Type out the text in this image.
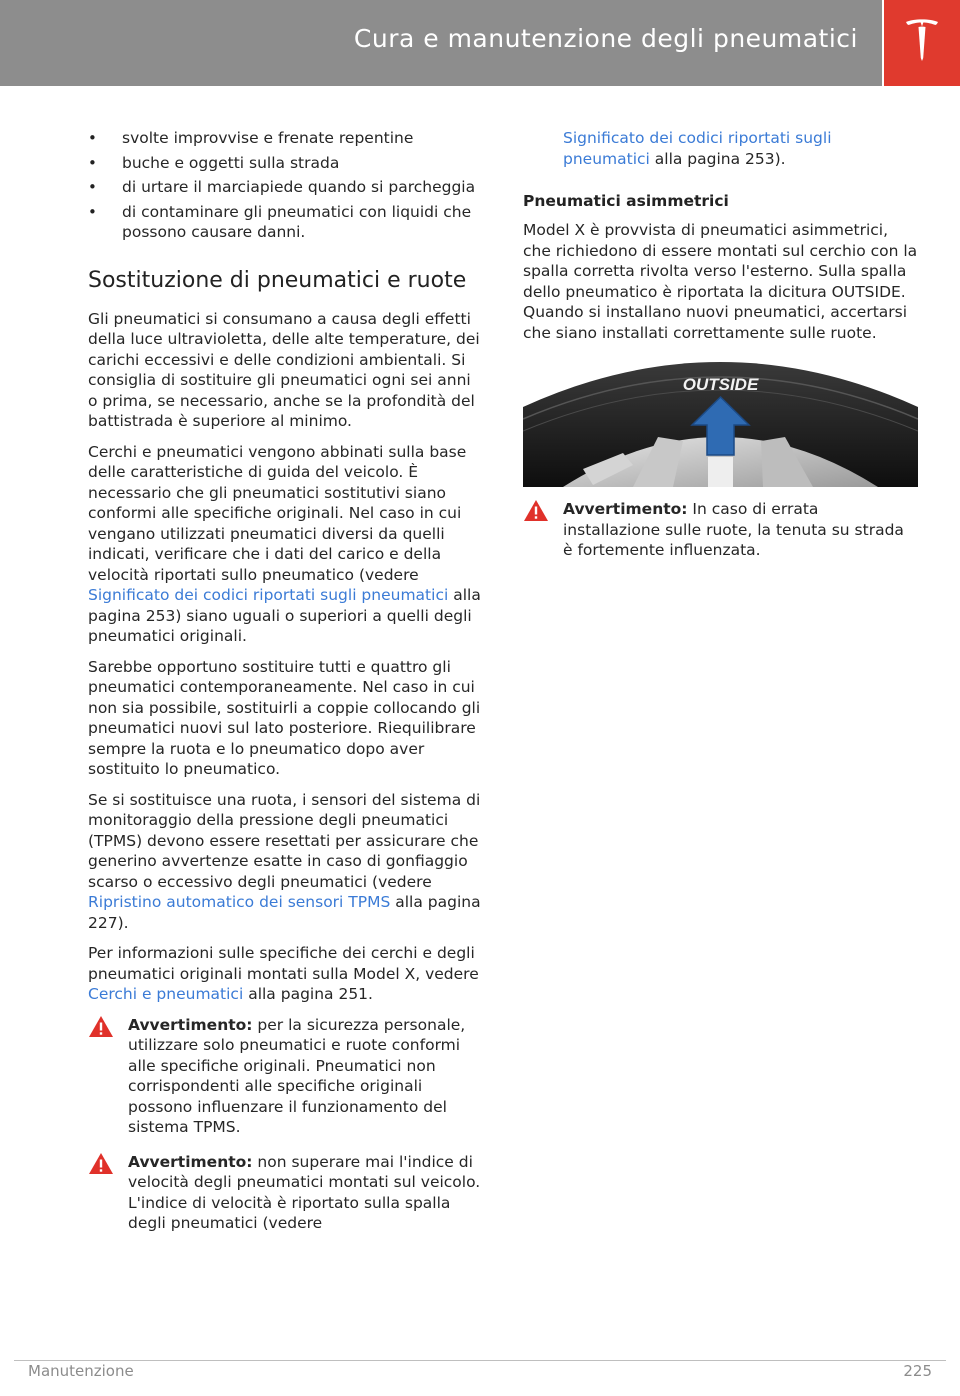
Cura e manutenzione degli pneumatici
• svolte improvvise e frenate repentine
• buche e oggetti sulla strada
• di urtare il marciapiede quando si parcheggia
• di contaminare gli pneumatici con liquidi che possono causare danni.
Sostituzione di pneumatici e ruote

Gli pneumatici si consumano a causa degli effetti della luce ultravioletta, delle alte temperature, dei carichi eccessivi e delle condizioni ambientali. Si consiglia di sostituire gli pneumatici ogni sei anni o prima, se necessario, anche se la profondità del battistrada è superiore al minimo.

Cerchi e pneumatici vengono abbinati sulla base delle caratteristiche di guida del veicolo. È necessario che gli pneumatici sostitutivi siano conformi alle specifiche originali. Nel caso in cui vengano utilizzati pneumatici diversi da quelli indicati, verificare che i dati del carico e della velocità riportati sullo pneumatico (vedere Significato dei codici riportati sugli pneumatici alla pagina 253) siano uguali o superiori a quelli degli pneumatici originali.

Sarebbe opportuno sostituire tutti e quattro gli pneumatici contemporaneamente. Nel caso in cui non sia possibile, sostituirli a coppie collocando gli pneumatici nuovi sul lato posteriore. Riequilibrare sempre la ruota e lo pneumatico dopo aver sostituito lo pneumatico.

Se si sostituisce una ruota, i sensori del sistema di monitoraggio della pressione degli pneumatici (TPMS) devono essere resettati per assicurare che generino avvertenze esatte in caso di gonfiaggio scarso o eccessivo degli pneumatici (vedere Ripristino automatico dei sensori TPMS alla pagina 227).

Per informazioni sulle specifiche dei cerchi e degli pneumatici originali montati sulla Model X, vedere Cerchi e pneumatici alla pagina 251.

Avvertimento: per la sicurezza personale, utilizzare solo pneumatici e ruote conformi alle specifiche originali. Pneumatici non corrispondenti alle specifiche originali possono influenzare il funzionamento del sistema TPMS.
Avvertimento: non superare mai l'indice di velocità degli pneumatici montati sul veicolo. L'indice di velocità è riportato sulla spalla degli pneumatici (vedere

Significato dei codici riportati sugli pneumatici alla pagina 253).

Pneumatici asimmetrici

Model X è provvista di pneumatici asimmetrici, che richiedono di essere montati sul cerchio con la spalla corretta rivolta verso l'esterno. Sulla spalla dello pneumatico è riportata la dicitura OUTSIDE. Quando si installano nuovi pneumatici, accertarsi che siano installati correttamente sulle ruote.

OUTSIDE
Avvertimento: In caso di errata installazione sulle ruote, la tenuta su strada è fortemente influenzata.
Manutenzione	225
